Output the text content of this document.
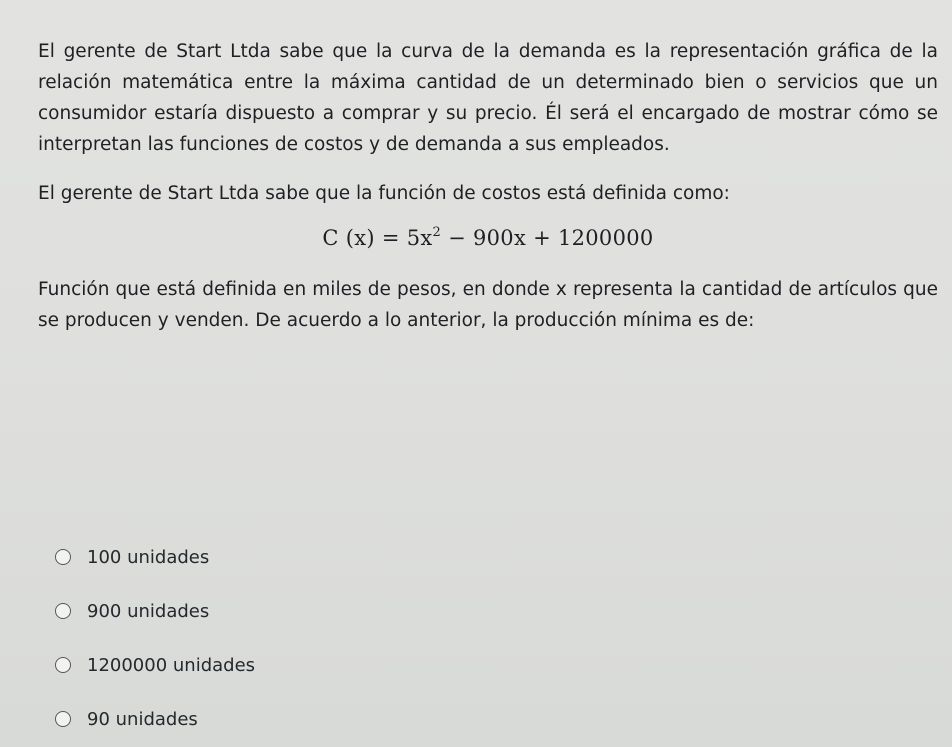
El gerente de Start Ltda sabe que la curva de la demanda es la representación gráfica de la relación matemática entre la máxima cantidad de un determinado bien o servicios que un consumidor estaría dispuesto a comprar y su precio. Él será el encargado de mostrar cómo se interpretan las funciones de costos y de demanda a sus empleados.

El gerente de Start Ltda sabe que la función de costos está definida como:

C $(x) = 5x^2 - 900x + 1200000$

Función que está definida en miles de pesos, en donde x representa la cantidad de artículos que se producen y venden. De acuerdo a lo anterior, la producción mínima es de:

100 unidades
900 unidades
1200000 unidades
90 unidades
